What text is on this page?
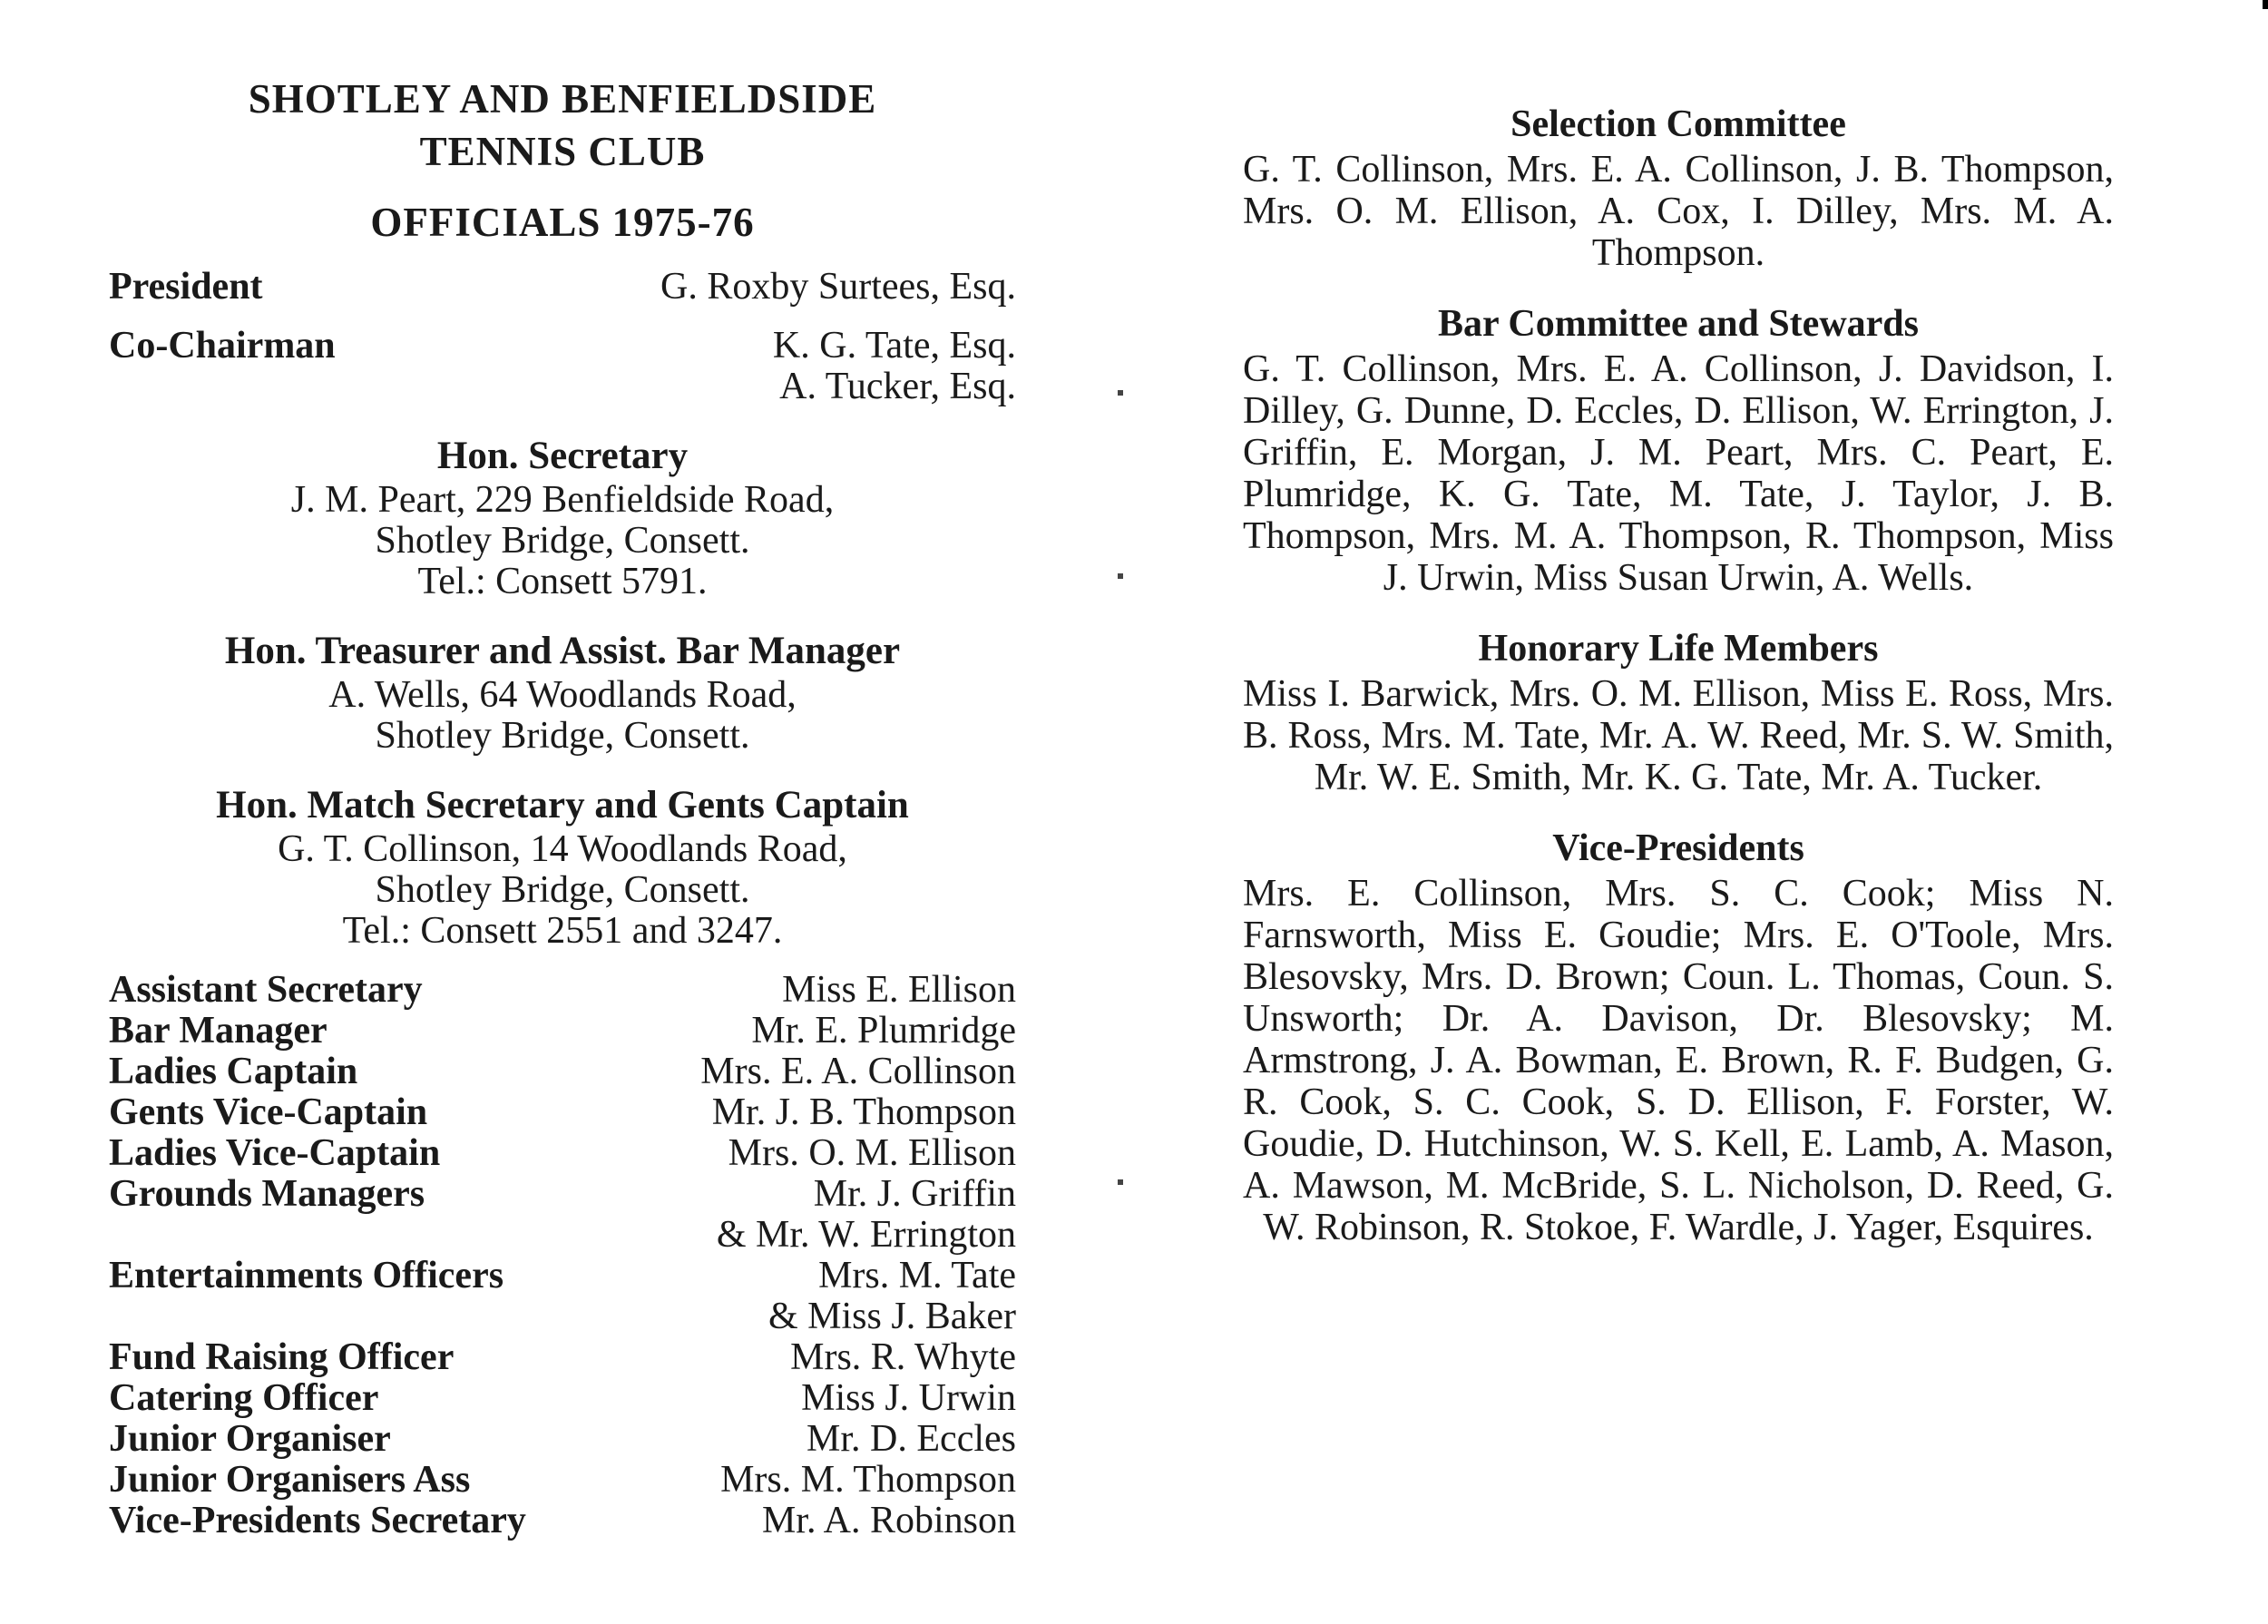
SHOTLEY AND BENFIELDSIDE
TENNIS CLUB
OFFICIALS 1975-76
President	G. Roxby Surtees, Esq.
Co-Chairman	K. G. Tate, Esq.
A. Tucker, Esq.
Hon. Secretary
J. M. Peart, 229 Benfieldside Road,
Shotley Bridge, Consett.
Tel.: Consett 5791.
Hon. Treasurer and Assist. Bar Manager
A. Wells, 64 Woodlands Road,
Shotley Bridge, Consett.
Hon. Match Secretary and Gents Captain
G. T. Collinson, 14 Woodlands Road,
Shotley Bridge, Consett.
Tel.: Consett 2551 and 3247.
Assistant Secretary	Miss E. Ellison
Bar Manager	Mr. E. Plumridge
Ladies Captain	Mrs. E. A. Collinson
Gents Vice-Captain	Mr. J. B. Thompson
Ladies Vice-Captain	Mrs. O. M. Ellison
Grounds Managers	Mr. J. Griffin
& Mr. W. Errington
Entertainments Officers	Mrs. M. Tate
& Miss J. Baker
Fund Raising Officer	Mrs. R. Whyte
Catering Officer	Miss J. Urwin
Junior Organiser	Mr. D. Eccles
Junior Organisers Ass	Mrs. M. Thompson
Vice-Presidents Secretary	Mr. A. Robinson
Selection Committee
G. T. Collinson, Mrs. E. A. Collinson, J. B. Thompson, Mrs. O. M. Ellison, A. Cox, I. Dilley, Mrs. M. A. Thompson.
Bar Committee and Stewards
G. T. Collinson, Mrs. E. A. Collinson, J. Davidson, I. Dilley, G. Dunne, D. Eccles, D. Ellison, W. Errington, J. Griffin, E. Morgan, J. M. Peart, Mrs. C. Peart, E. Plumridge, K. G. Tate, M. Tate, J. Taylor, J. B. Thompson, Mrs. M. A. Thompson, R. Thompson, Miss J. Urwin, Miss Susan Urwin, A. Wells.
Honorary Life Members
Miss I. Barwick, Mrs. O. M. Ellison, Miss E. Ross, Mrs. B. Ross, Mrs. M. Tate, Mr. A. W. Reed, Mr. S. W. Smith, Mr. W. E. Smith, Mr. K. G. Tate, Mr. A. Tucker.
Vice-Presidents
Mrs. E. Collinson, Mrs. S. C. Cook; Miss N. Farnsworth, Miss E. Goudie; Mrs. E. O'Toole, Mrs. Blesovsky, Mrs. D. Brown; Coun. L. Thomas, Coun. S. Unsworth; Dr. A. Davison, Dr. Blesovsky; M. Armstrong, J. A. Bowman, E. Brown, R. F. Budgen, G. R. Cook, S. C. Cook, S. D. Ellison, F. Forster, W. Goudie, D. Hutchinson, W. S. Kell, E. Lamb, A. Mason, A. Mawson, M. McBride, S. L. Nicholson, D. Reed, G. W. Robinson, R. Stokoe, F. Wardle, J. Yager, Esquires.
